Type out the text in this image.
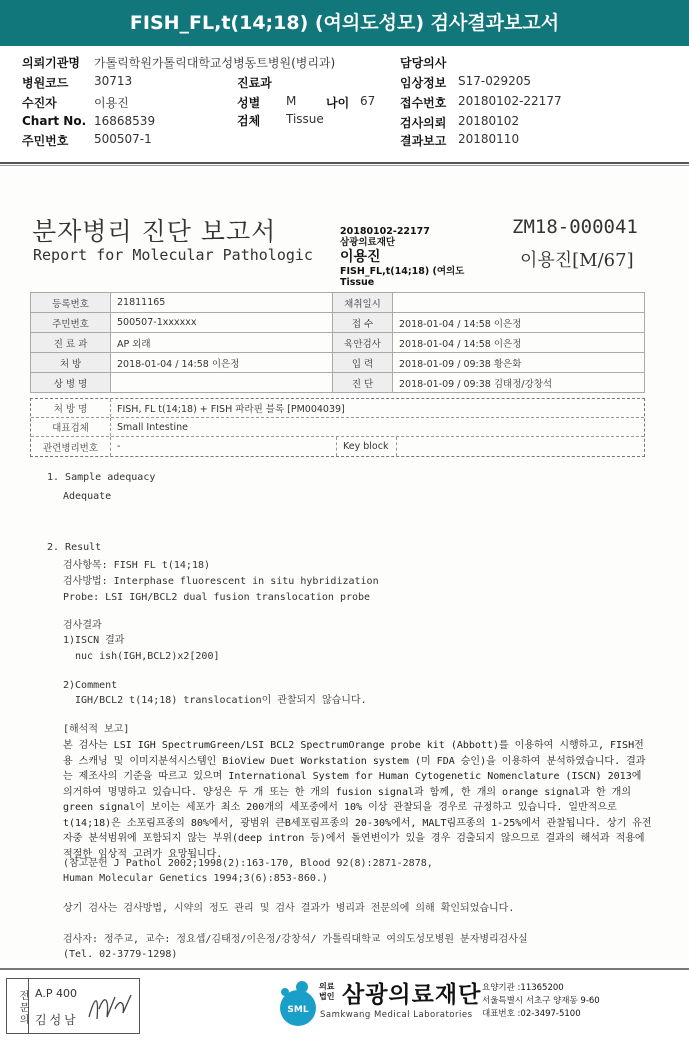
FISH_FL,t(14;18) (여의도성모) 검사결과보고서
의뢰기관명 가톨릭학원가톨릭대학교성병동트병원(병리과)	담당의사
병원코드 30713	진료과	임상정보 S17-029205
수진자	이용진	성별 M 나이 67 접수번호 20180102-22177
Chart No. 16868539	검체 Tissue	검사의뢰 20180102
주민번호 500507-1	결과보고 20180110
분자병리 진단 보고서
Report for Molecular Pathologic
20180102-22177
삼광의료재단
이용진
FISH_FL,t(14;18) (여의도
Tissue
ZM18-000041
이용진[M/67]
등록번호	21811165	채취일시	
주민번호	500507-1xxxxxx	접 수	2018-01-04 / 14:58 이은정
진 료 과	AP 외래	육안검사	2018-01-04 / 14:58 이은정
처 방	2018-01-04 / 14:58 이은정	입 력	2018-01-09 / 09:38 황은화
상 병 명		진 단	2018-01-09 / 09:38 김태정/강창석
처 방 명	FISH, FL t(14;18) + FISH 파라핀 블록 [PM004039]
대표검체	Small Intestine
관련병리번호	-	Key block
1. Sample adequacy
Adequate
2. Result
검사항목: FISH FL t(14;18)
검사방법: Interphase fluorescent in situ hybridization
Probe: LSI IGH/BCL2 dual fusion translocation probe
검사결과
1)ISCN 결과
nuc ish(IGH,BCL2)x2[200]
2)Comment
IGH/BCL2 t(14;18) translocation이 관찰되지 않습니다.
[해석적 보고]
본 검사는 LSI IGH SpectrumGreen/LSI BCL2 SpectrumOrange probe kit (Abbott)를 이용하여 시행하고, FISH전용 스캐닝 및 이미지분석시스템인 BioView Duet Workstation system (미 FDA 승인)을 이용하여 분석하였습니다. 결과는 제조사의 기준을 따르고 있으며 International System for Human Cytogenetic Nomenclature (ISCN) 2013에 의거하여 명명하고 있습니다. 양성은 두 개 또는 한 개의 fusion signal과 함께, 한 개의 orange signal과 한 개의 green signal이 보이는 세포가 최소 200개의 세포중에서 10% 이상 관찰되을 경우로 규정하고 있습니다. 일반적으로 t(14;18)은 소포림프종의 80%에서, 광범위 큰B세포림프종의 20-30%에서, MALT림프종의 1-25%에서 관찰됩니다. 상기 유전자중 분석범위에 포함되지 않는 부위(deep intron 등)에서 돌연변이가 있을 경우 검출되지 않으므로 결과의 해석과 적용에 적절한 임상적 고려가 요망됩니다.
(참고문헌 J Pathol 2002;1998(2):163-170, Blood 92(8):2871-2878,
Human Molecular Genetics 1994;3(6):853-860.)
상기 검사는 검사방법, 시약의 정도 관리 및 검사 결과가 병리과 전문의에 의해 확인되었습니다.
검사자: 정주교, 교수: 정요셉/김태정/이은정/강창석/ 가톨릭대학교 여의도성모병원 분자병리검사실
(Tel. 02-3779-1298)
전문의 A.P 400
김성남
SML
의료
법인 삼광의료재단
Samkwang Medical Laboratories
요양기관 :11365200
서울특별시 서초구 양재동 9-60
대표번호 :02-3497-5100
